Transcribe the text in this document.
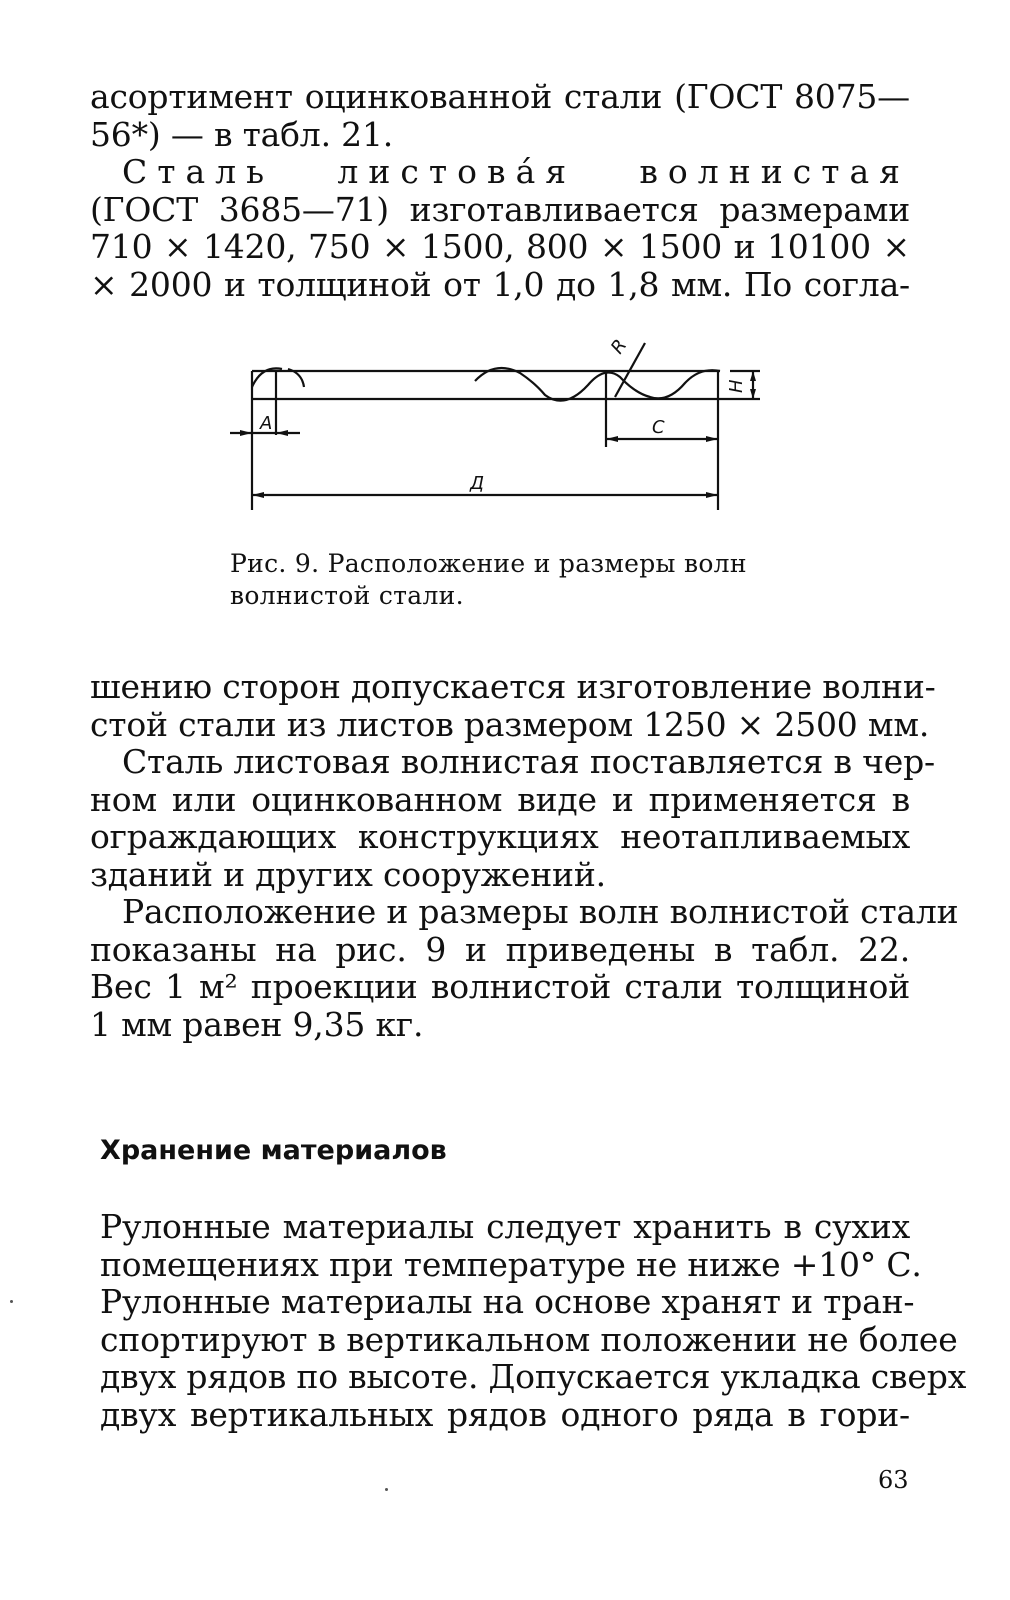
асортимент оцинкованной стали (ГОСТ 8075—
56*) — в табл. 21.
Сталь листова́я волнистая
(ГОСТ 3685—71) изготавливается размерами
710 × 1420, 750 × 1500, 800 × 1500 и 10100 ×
× 2000 и толщиной от 1,0 до 1,8 мм. По согла-
А	С
Д
Н
R
Рис. 9. Расположение и размеры волн
волнистой стали.
шению сторон допускается изготовление волни-
стой стали из листов размером 1250 × 2500 мм.
Сталь листовая волнистая поставляется в чер-
ном или оцинкованном виде и применяется в
ограждающих конструкциях неотапливаемых
зданий и других сооружений.
Расположение и размеры волн волнистой стали
показаны на рис. 9 и приведены в табл. 22.
Вес 1 м² проекции волнистой стали толщиной
1 мм равен 9,35 кг.
Хранение материалов
Рулонные материалы следует хранить в сухих
помещениях при температуре не ниже +10° С.
Рулонные материалы на основе хранят и тран-
спортируют в вертикальном положении не более
двух рядов по высоте. Допускается укладка сверх
двух вертикальных рядов одного ряда в гори-
63
